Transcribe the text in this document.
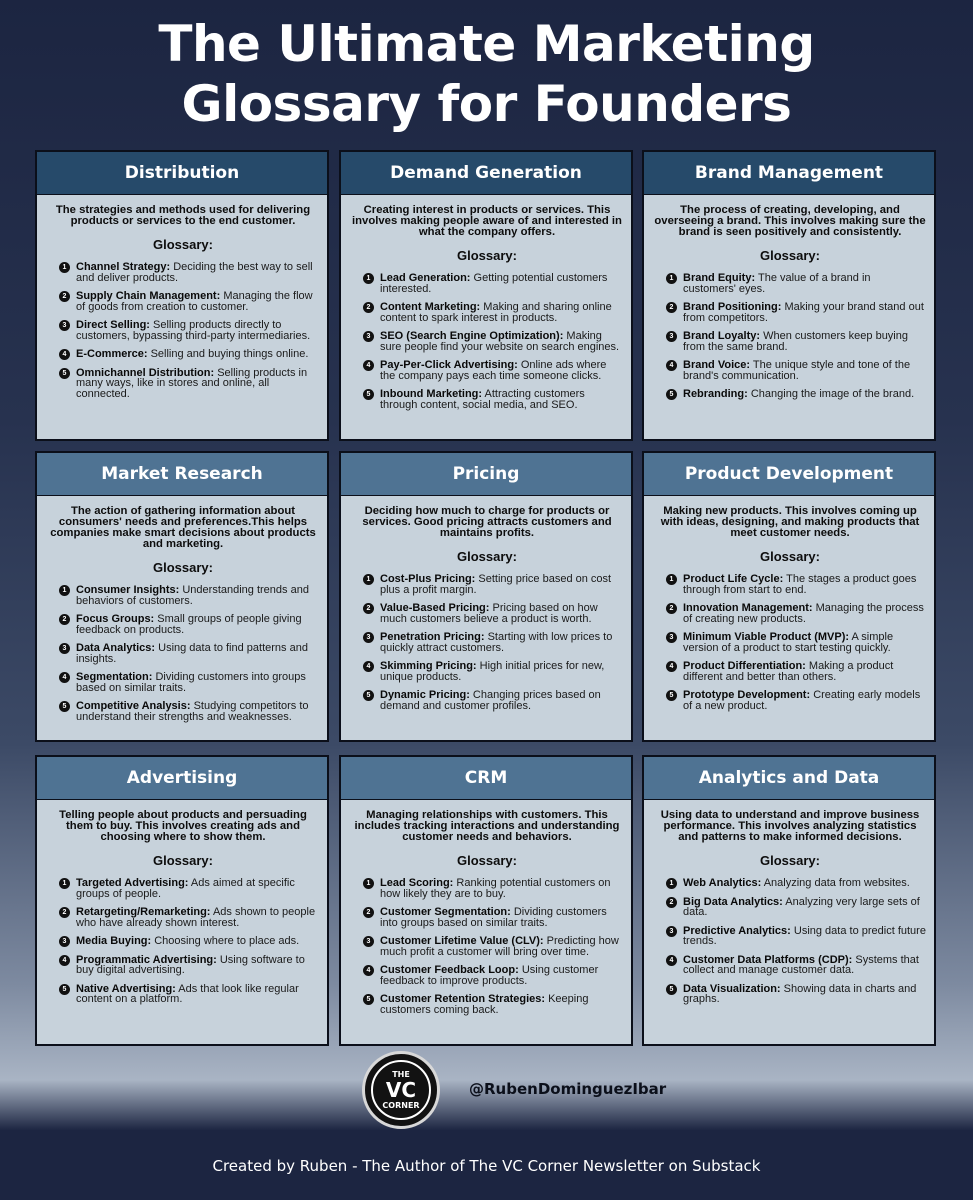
The Ultimate Marketing
Glossary for Founders
Distribution
The strategies and methods used for delivering products or services to the end customer.
Glossary:
1 Channel Strategy: Deciding the best way to sell and deliver products.
2 Supply Chain Management: Managing the flow of goods from creation to customer.
3 Direct Selling: Selling products directly to customers, bypassing third-party intermediaries.
4 E-Commerce: Selling and buying things online.
5 Omnichannel Distribution: Selling products in many ways, like in stores and online, all connected.
Demand Generation
Creating interest in products or services. This involves making people aware of and interested in what the company offers.
Glossary:
1 Lead Generation: Getting potential customers interested.
2 Content Marketing: Making and sharing online content to spark interest in products.
3 SEO (Search Engine Optimization): Making sure people find your website on search engines.
4 Pay-Per-Click Advertising: Online ads where the company pays each time someone clicks.
5 Inbound Marketing: Attracting customers through content, social media, and SEO.
Brand Management
The process of creating, developing, and overseeing a brand. This involves making sure the brand is seen positively and consistently.
Glossary:
1 Brand Equity: The value of a brand in customers' eyes.
2 Brand Positioning: Making your brand stand out from competitors.
3 Brand Loyalty: When customers keep buying from the same brand.
4 Brand Voice: The unique style and tone of the brand's communication.
5 Rebranding: Changing the image of the brand.
Market Research
The action of gathering information about consumers' needs and preferences.This helps companies make smart decisions about products and marketing.
Glossary:
1 Consumer Insights: Understanding trends and behaviors of customers.
2 Focus Groups: Small groups of people giving feedback on products.
3 Data Analytics: Using data to find patterns and insights.
4 Segmentation: Dividing customers into groups based on similar traits.
5 Competitive Analysis: Studying competitors to understand their strengths and weaknesses.
Pricing
Deciding how much to charge for products or services. Good pricing attracts customers and maintains profits.
Glossary:
1 Cost-Plus Pricing: Setting price based on cost plus a profit margin.
2 Value-Based Pricing: Pricing based on how much customers believe a product is worth.
3 Penetration Pricing: Starting with low prices to quickly attract customers.
4 Skimming Pricing: High initial prices for new, unique products.
5 Dynamic Pricing: Changing prices based on demand and customer profiles.
Product Development
Making new products. This involves coming up with ideas, designing, and making products that meet customer needs.
Glossary:
1 Product Life Cycle: The stages a product goes through from start to end.
2 Innovation Management: Managing the process of creating new products.
3 Minimum Viable Product (MVP): A simple version of a product to start testing quickly.
4 Product Differentiation: Making a product different and better than others.
5 Prototype Development: Creating early models of a new product.
Advertising
Telling people about products and persuading them to buy. This involves creating ads and choosing where to show them.
Glossary:
1 Targeted Advertising: Ads aimed at specific groups of people.
2 Retargeting/Remarketing: Ads shown to people who have already shown interest.
3 Media Buying: Choosing where to place ads.
4 Programmatic Advertising: Using software to buy digital advertising.
5 Native Advertising: Ads that look like regular content on a platform.
CRM
Managing relationships with customers. This includes tracking interactions and understanding customer needs and behaviors.
Glossary:
1 Lead Scoring: Ranking potential customers on how likely they are to buy.
2 Customer Segmentation: Dividing customers into groups based on similar traits.
3 Customer Lifetime Value (CLV): Predicting how much profit a customer will bring over time.
4 Customer Feedback Loop: Using customer feedback to improve products.
5 Customer Retention Strategies: Keeping customers coming back.
Analytics and Data
Using data to understand and improve business performance. This involves analyzing statistics and patterns to make informed decisions.
Glossary:
1 Web Analytics: Analyzing data from websites.
2 Big Data Analytics: Analyzing very large sets of data.
3 Predictive Analytics: Using data to predict future trends.
4 Customer Data Platforms (CDP): Systems that collect and manage customer data.
5 Data Visualization: Showing data in charts and graphs.
THE
VC
CORNER
@RubenDominguezIbar
Created by Ruben - The Author of The VC Corner Newsletter on Substack
